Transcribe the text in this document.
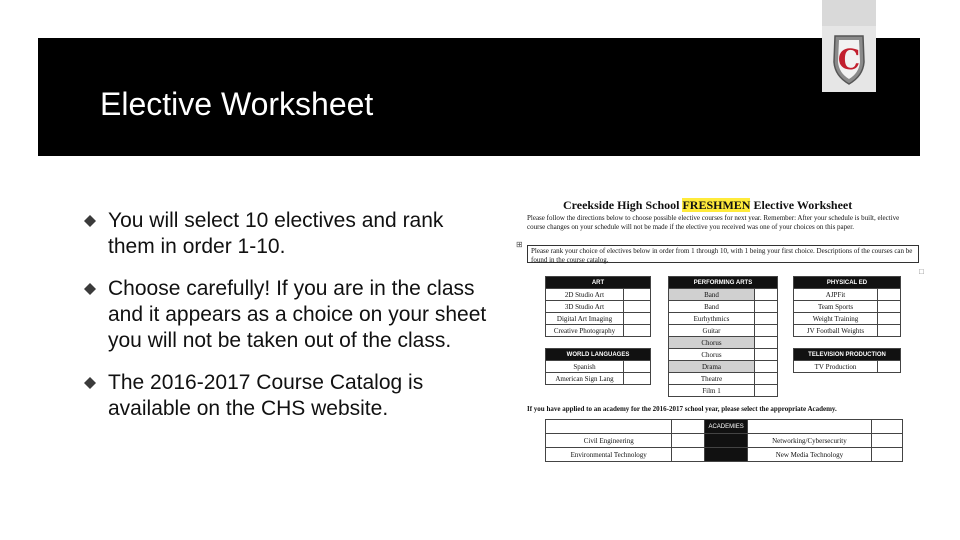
Elective Worksheet
C
You will select 10 electives and rank them in order 1-10.
Choose carefully! If you are in the class and it appears as a choice on your sheet you will not be taken out of the class.
The 2016-2017 Course Catalog is available on the CHS website.
Creekside High School FRESHMEN Elective Worksheet
Please follow the directions below to choose possible elective courses for next year. Remember: After your schedule is built, elective course changes on your schedule will not be made if the elective you received was one of your choices on this paper.
⊞
Please rank your choice of electives below in order from 1 through 10, with 1 being your first choice. Descriptions of the courses can be found in the course catalog.
□
ART	
2D Studio Art	
3D Studio Art	
Digital Art Imaging	
Creative Photography	
WORLD LANGUAGES	
Spanish	
American Sign Lang	
PERFORMING ARTS	
Band	
Band	
Eurhythmics	
Guitar	
Chorus	
Chorus	
Drama	
Theatre	
Film 1	
PHYSICAL ED	
AJPFit	
Team Sports	
Weight Training	
JV Football Weights	
TELEVISION PRODUCTION
TV Production	
If you have applied to an academy for the 2016-2017 school year, please select the appropriate Academy.
		ACADEMIES		
Civil Engineering			Networking/Cybersecurity	
Environmental Technology			New Media Technology	
